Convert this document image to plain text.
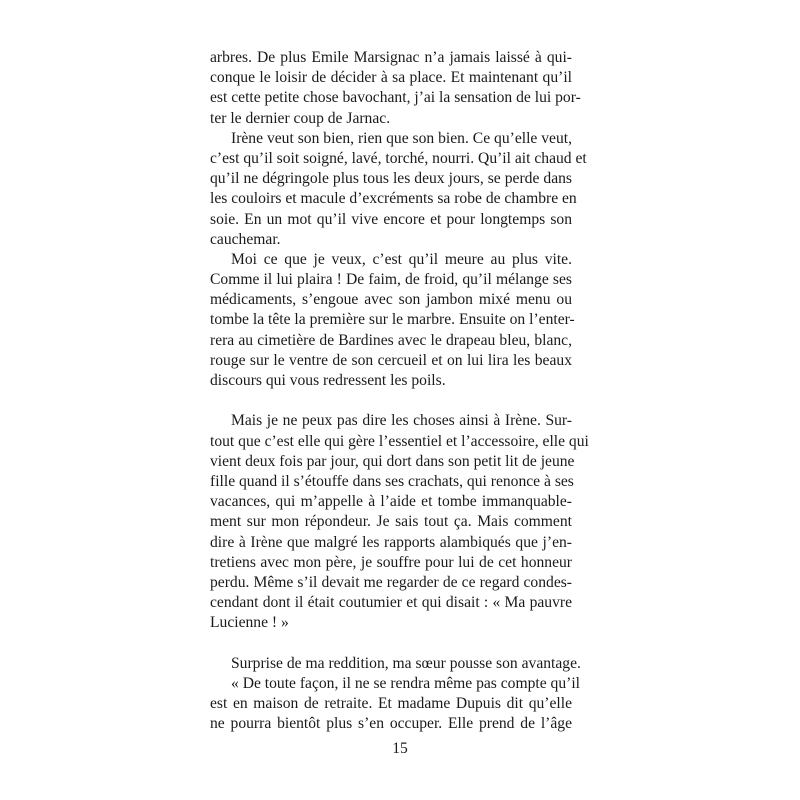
arbres. De plus Emile Marsignac n’a jamais laissé à qui-
conque le loisir de décider à sa place. Et maintenant qu’il
est cette petite chose bavochant, j’ai la sensation de lui por-
ter le dernier coup de Jarnac.
Irène veut son bien, rien que son bien. Ce qu’elle veut,
c’est qu’il soit soigné, lavé, torché, nourri. Qu’il ait chaud et
qu’il ne dégringole plus tous les deux jours, se perde dans
les couloirs et macule d’excréments sa robe de chambre en
soie. En un mot qu’il vive encore et pour longtemps son
cauchemar.
Moi ce que je veux, c’est qu’il meure au plus vite.
Comme il lui plaira ! De faim, de froid, qu’il mélange ses
médicaments, s’engoue avec son jambon mixé menu ou
tombe la tête la première sur le marbre. Ensuite on l’enter-
rera au cimetière de Bardines avec le drapeau bleu, blanc,
rouge sur le ventre de son cercueil et on lui lira les beaux
discours qui vous redressent les poils.
Mais je ne peux pas dire les choses ainsi à Irène. Sur-
tout que c’est elle qui gère l’essentiel et l’accessoire, elle qui
vient deux fois par jour, qui dort dans son petit lit de jeune
fille quand il s’étouffe dans ses crachats, qui renonce à ses
vacances, qui m’appelle à l’aide et tombe immanquable-
ment sur mon répondeur. Je sais tout ça. Mais comment
dire à Irène que malgré les rapports alambiqués que j’en-
tretiens avec mon père, je souffre pour lui de cet honneur
perdu. Même s’il devait me regarder de ce regard condes-
cendant dont il était coutumier et qui disait : « Ma pauvre
Lucienne ! »
Surprise de ma reddition, ma sœur pousse son avantage.
« De toute façon, il ne se rendra même pas compte qu’il
est en maison de retraite. Et madame Dupuis dit qu’elle
ne pourra bientôt plus s’en occuper. Elle prend de l’âge
15
